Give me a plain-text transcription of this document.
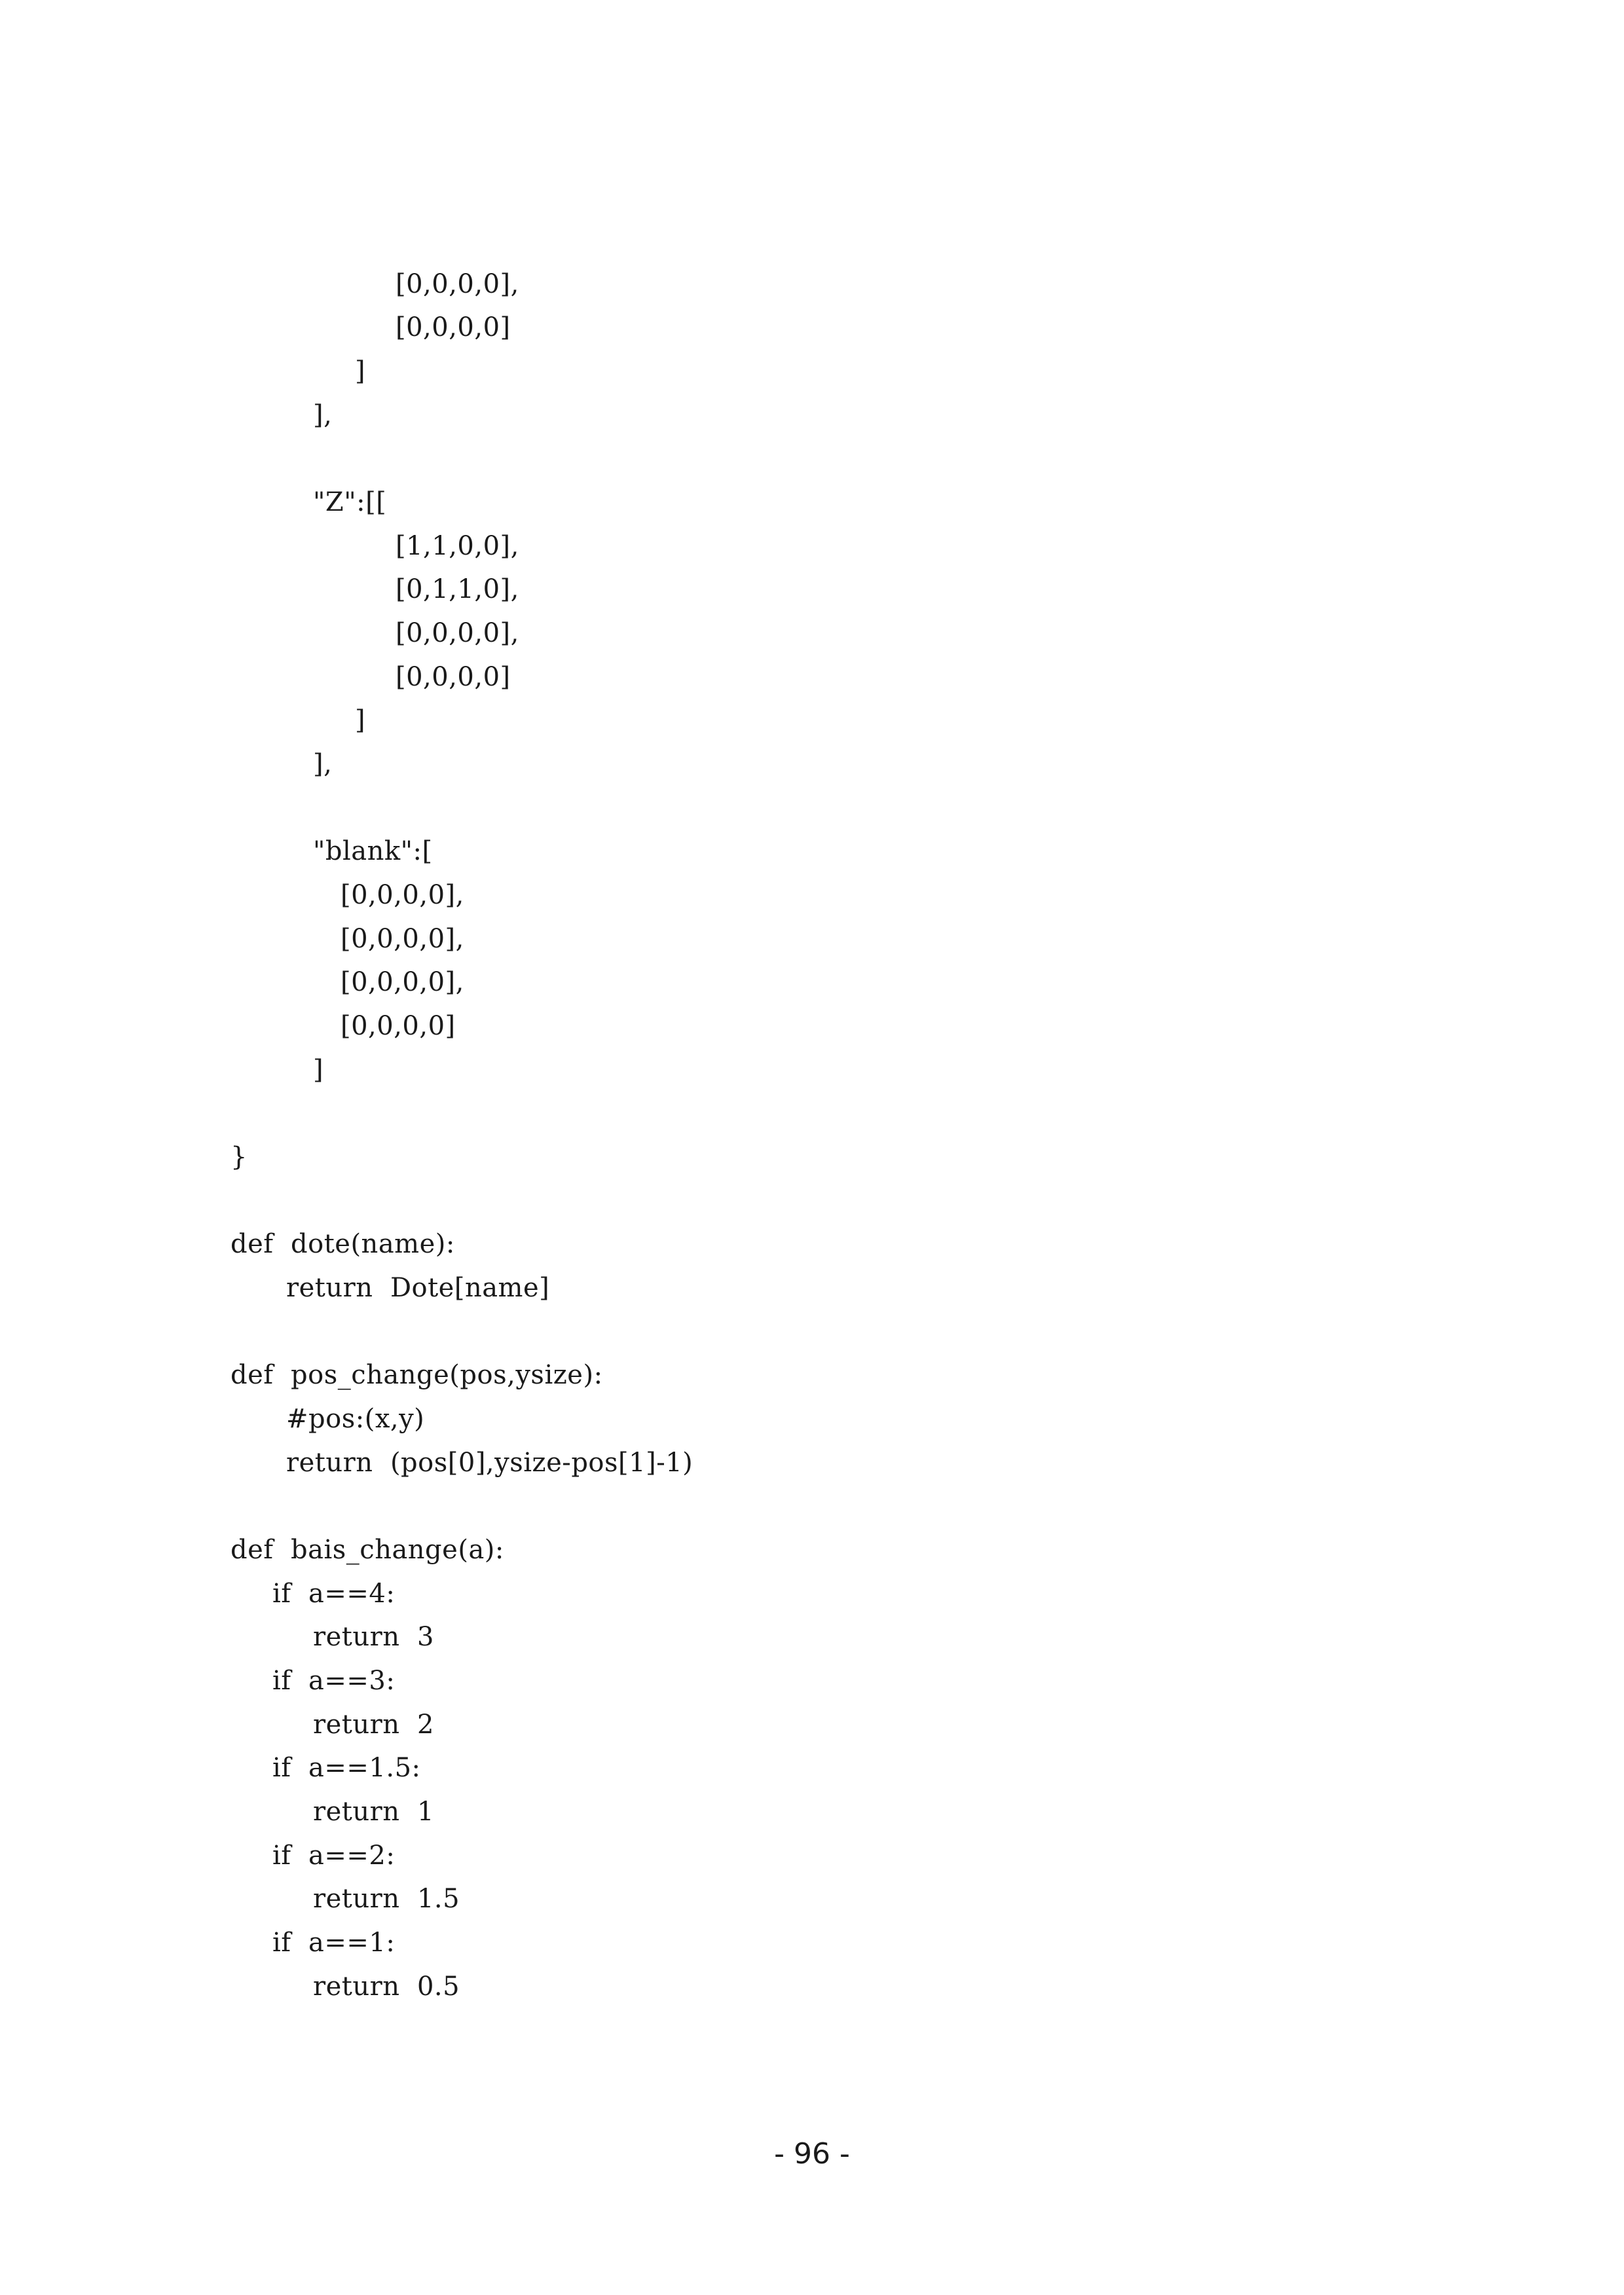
[0,0,0,0],
[0,0,0,0]
]
],
"Z":[[
[1,1,0,0],
[0,1,1,0],
[0,0,0,0],
[0,0,0,0]
]
],
"blank":[
[0,0,0,0],
[0,0,0,0],
[0,0,0,0],
[0,0,0,0]
]
}
def  dote(name):
return  Dote[name]
def  pos_change(pos,ysize):
#pos:(x,y)
return  (pos[0],ysize-pos[1]-1)
def  bais_change(a):
if  a==4:
return  3
if  a==3:
return  2
if  a==1.5:
return  1
if  a==2:
return  1.5
if  a==1:
return  0.5
- 96 -
